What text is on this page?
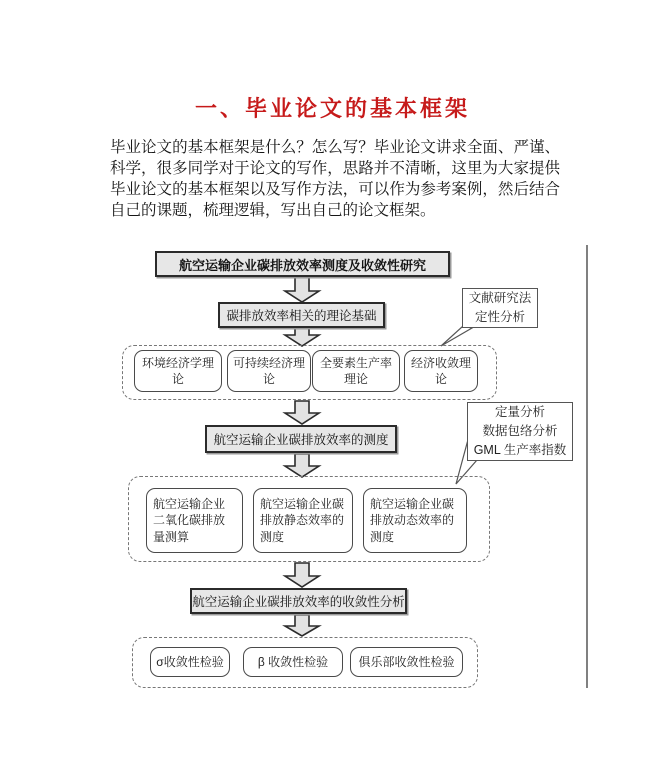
一、毕业论文的基本框架

毕业论文的基本框架是什么？怎么写？毕业论文讲求全面、严谨、科学，很多同学对于论文的写作，思路并不清晰，这里为大家提供毕业论文的基本框架以及写作方法，可以作为参考案例，然后结合自己的课题，梳理逻辑，写出自己的论文框架。

航空运输企业碳排放效率测度及收敛性研究
碳排放效率相关的理论基础
文献研究法
定性分析
环境经济学理论
可持续经济理论
全要素生产率理论
经济收敛理论
航空运输企业碳排放效率的测度
定量分析
数据包络分析
GML 生产率指数
航空运输企业二氧化碳排放量测算
航空运输企业碳排放静态效率的测度
航空运输企业碳排放动态效率的测度
航空运输企业碳排放效率的收敛性分析
σ收敛性检验	β 收敛性检验	俱乐部收敛性检验
